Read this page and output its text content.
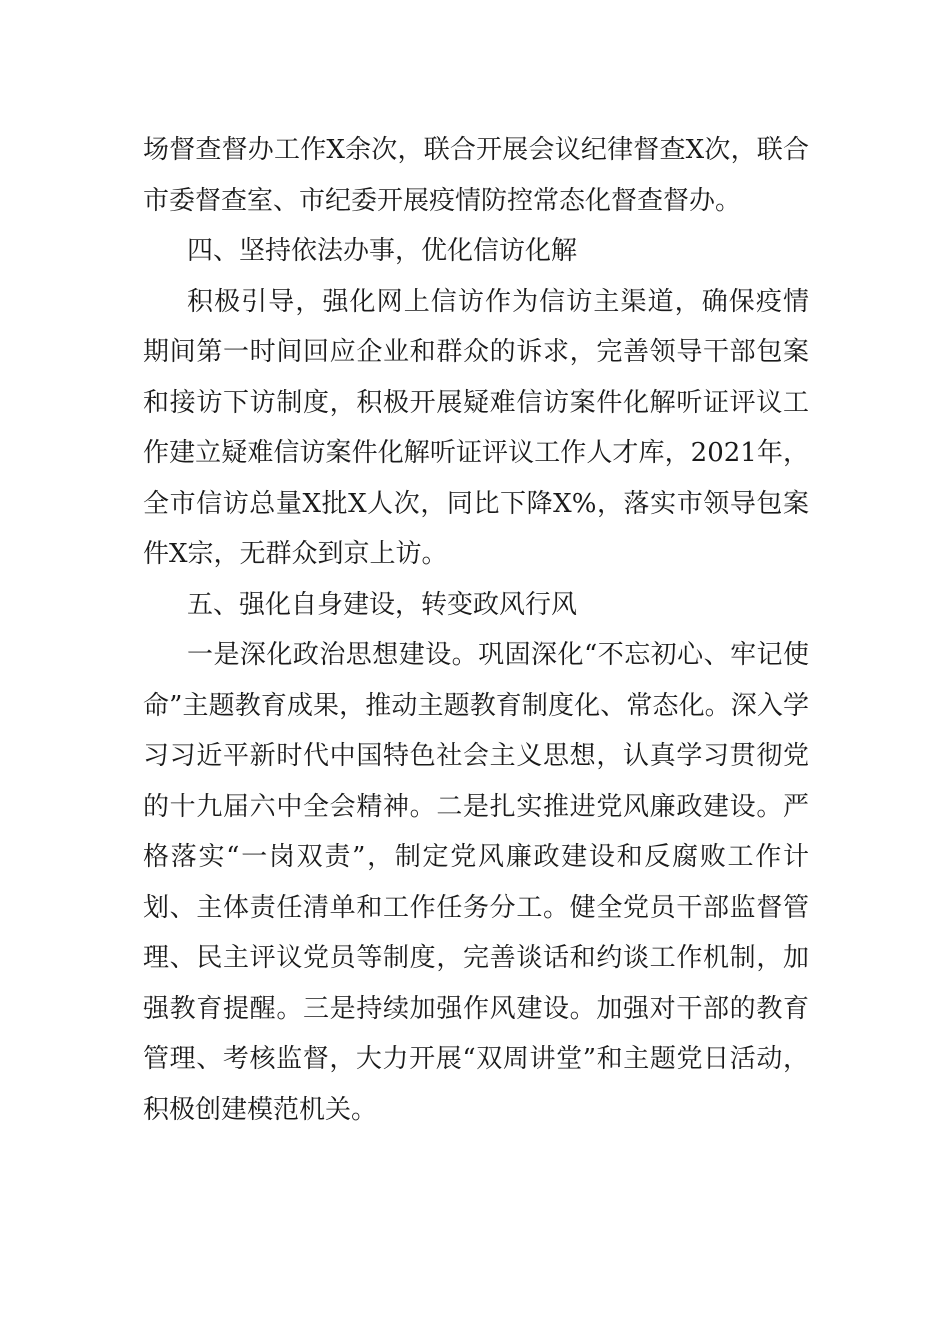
场督查督办工作X余次，联合开展会议纪律督查X次，联合市委督查室、市纪委开展疫情防控常态化督查督办。

四、坚持依法办事，优化信访化解

积极引导，强化网上信访作为信访主渠道，确保疫情期间第一时间回应企业和群众的诉求，完善领导干部包案和接访下访制度，积极开展疑难信访案件化解听证评议工作建立疑难信访案件化解听证评议工作人才库，2021年，全市信访总量X批X人次，同比下降X%，落实市领导包案件X宗，无群众到京上访。

五、强化自身建设，转变政风行风

一是深化政治思想建设。巩固深化“不忘初心、牢记使命”主题教育成果，推动主题教育制度化、常态化。深入学习习近平新时代中国特色社会主义思想，认真学习贯彻党的十九届六中全会精神。二是扎实推进党风廉政建设。严格落实“一岗双责”，制定党风廉政建设和反腐败工作计划、主体责任清单和工作任务分工。健全党员干部监督管理、民主评议党员等制度，完善谈话和约谈工作机制，加强教育提醒。三是持续加强作风建设。加强对干部的教育管理、考核监督，大力开展“双周讲堂”和主题党日活动，积极创建模范机关。
